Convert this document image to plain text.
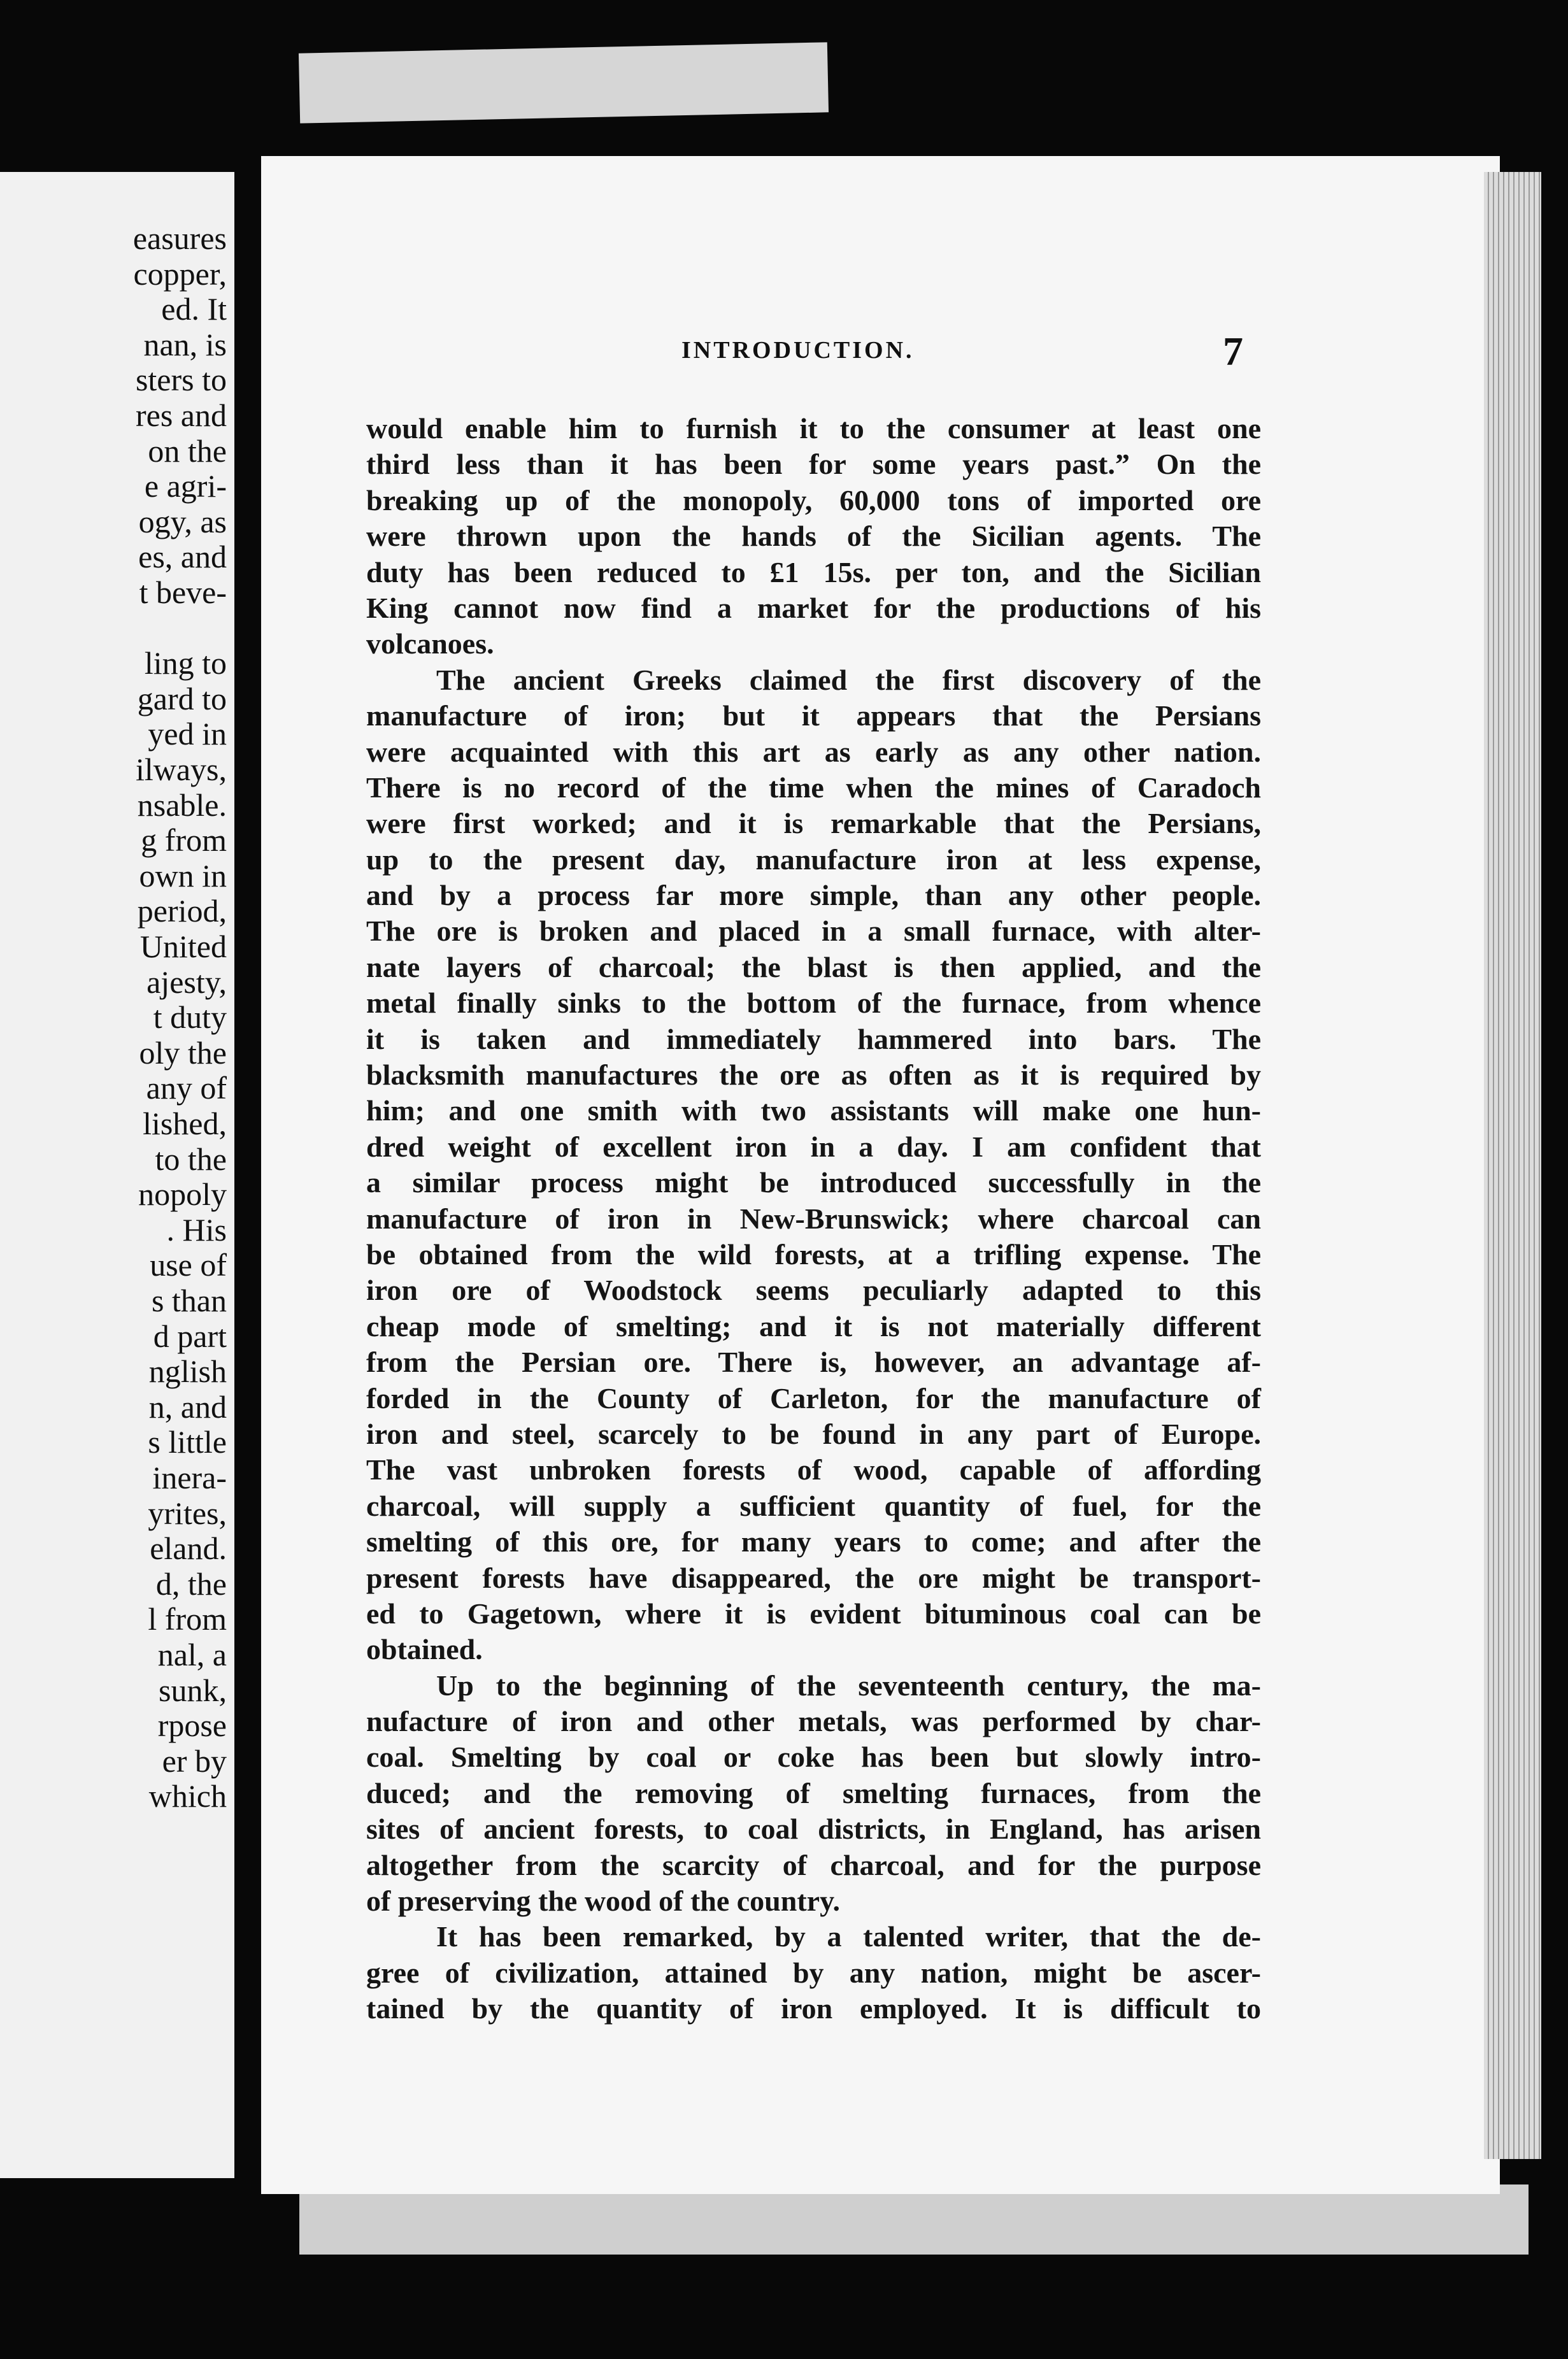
easures
copper,
ed. It
nan, is
sters to
res and
on the
e agri-
ogy, as
es, and
t beve-
ling to
gard to
yed in
ilways,
nsable.
g from
own in
period,
United
ajesty,
t duty
oly the
any of
lished,
to the
nopoly
. His
use of
s than
d part
nglish
n, and
s little
inera-
yrites,
eland.
d, the
l from
nal, a
sunk,
rpose
er by
which
INTRODUCTION.	7
would enable him to furnish it to the consumer at least one
third less than it has been for some years past.” On the
breaking up of the monopoly, 60,000 tons of imported ore
were thrown upon the hands of the Sicilian agents. The
duty has been reduced to £1 15s. per ton, and the Sicilian
King cannot now find a market for the productions of his
volcanoes.
The ancient Greeks claimed the first discovery of the
manufacture of iron; but it appears that the Persians
were acquainted with this art as early as any other nation.
There is no record of the time when the mines of Caradoch
were first worked; and it is remarkable that the Persians,
up to the present day, manufacture iron at less expense,
and by a process far more simple, than any other people.
The ore is broken and placed in a small furnace, with alter-
nate layers of charcoal; the blast is then applied, and the
metal finally sinks to the bottom of the furnace, from whence
it is taken and immediately hammered into bars. The
blacksmith manufactures the ore as often as it is required by
him; and one smith with two assistants will make one hun-
dred weight of excellent iron in a day. I am confident that
a similar process might be introduced successfully in the
manufacture of iron in New-Brunswick; where charcoal can
be obtained from the wild forests, at a trifling expense. The
iron ore of Woodstock seems peculiarly adapted to this
cheap mode of smelting; and it is not materially different
from the Persian ore. There is, however, an advantage af-
forded in the County of Carleton, for the manufacture of
iron and steel, scarcely to be found in any part of Europe.
The vast unbroken forests of wood, capable of affording
charcoal, will supply a sufficient quantity of fuel, for the
smelting of this ore, for many years to come; and after the
present forests have disappeared, the ore might be transport-
ed to Gagetown, where it is evident bituminous coal can be
obtained.
Up to the beginning of the seventeenth century, the ma-
nufacture of iron and other metals, was performed by char-
coal. Smelting by coal or coke has been but slowly intro-
duced; and the removing of smelting furnaces, from the
sites of ancient forests, to coal districts, in England, has arisen
altogether from the scarcity of charcoal, and for the purpose
of preserving the wood of the country.
It has been remarked, by a talented writer, that the de-
gree of civilization, attained by any nation, might be ascer-
tained by the quantity of iron employed. It is difficult to
